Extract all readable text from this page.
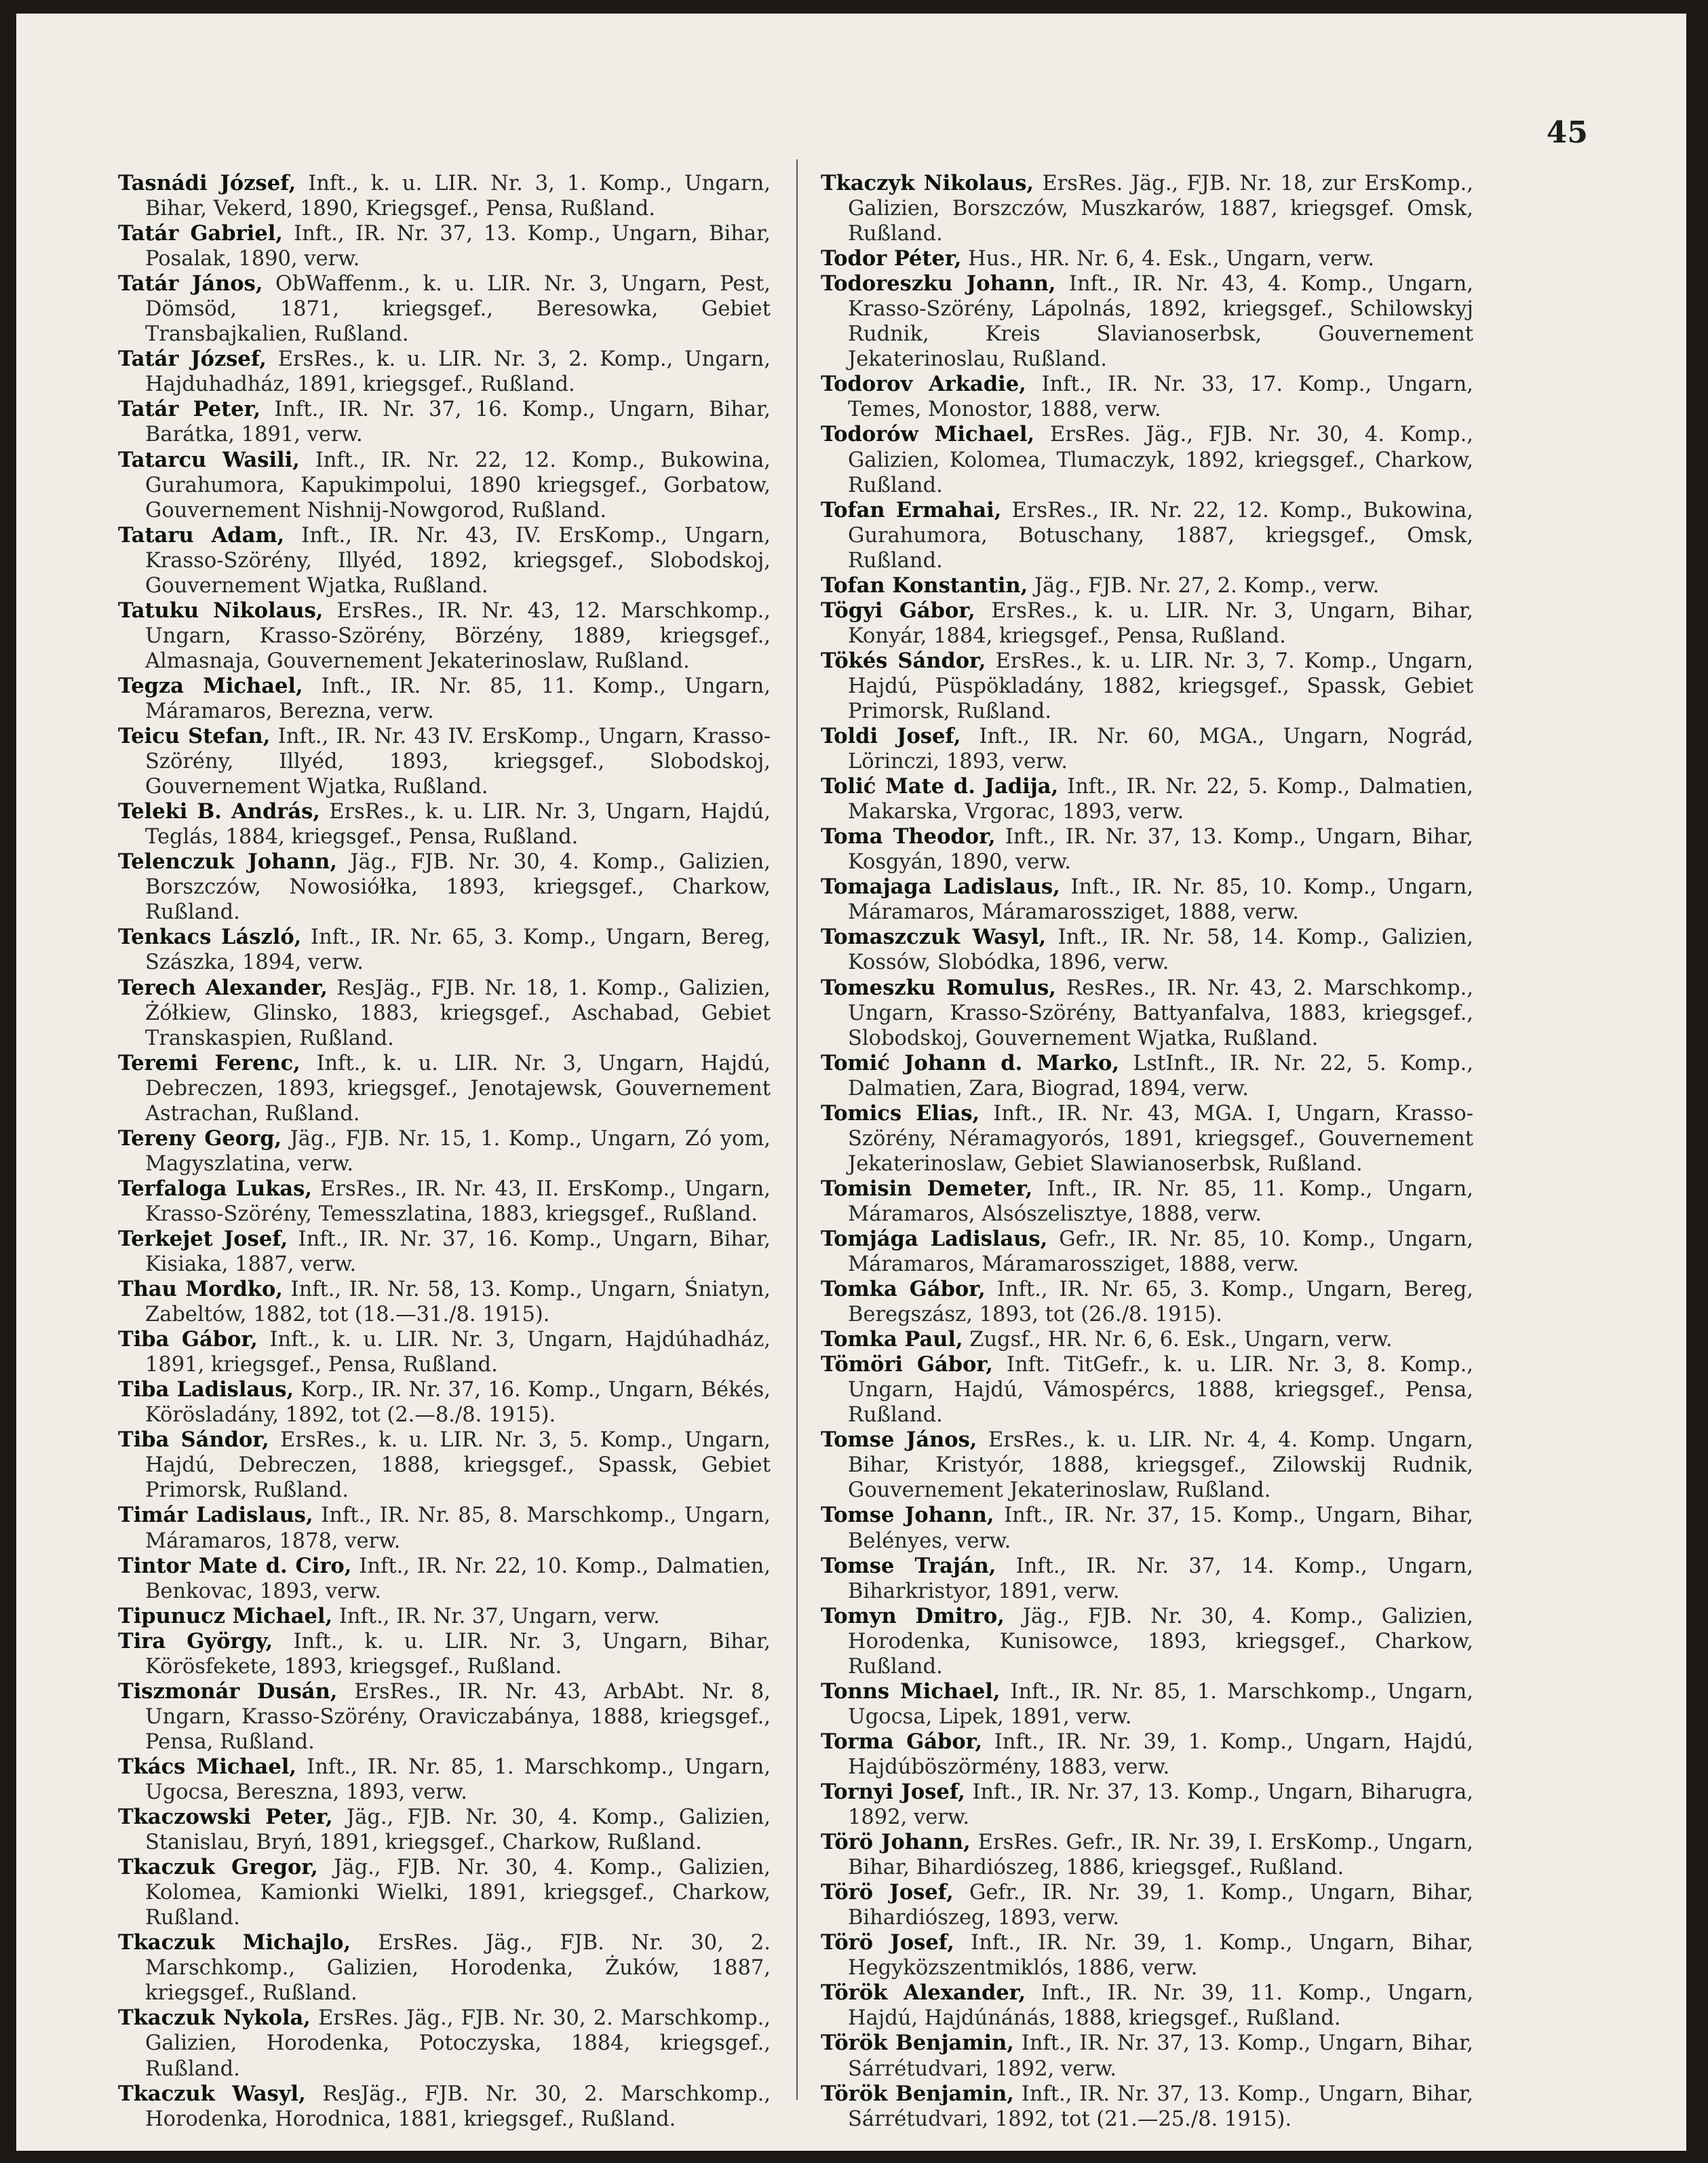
45

Tasnádi József, Inft., k. u. LIR. Nr. 3, 1. Komp., Ungarn, Bihar, Vekerd, 1890, Kriegsgef., Pensa, Rußland.

Tatár Gabriel, Inft., IR. Nr. 37, 13. Komp., Ungarn, Bihar, Posalak, 1890, verw.

Tatár János, ObWaffenm., k. u. LIR. Nr. 3, Ungarn, Pest, Dömsöd, 1871, kriegsgef., Beresowka, Gebiet Transbajkalien, Rußland.

Tatár József, ErsRes., k. u. LIR. Nr. 3, 2. Komp., Ungarn, Hajduhadház, 1891, kriegsgef., Rußland.

Tatár Peter, Inft., IR. Nr. 37, 16. Komp., Ungarn, Bihar, Barátka, 1891, verw.

Tatarcu Wasili, Inft., IR. Nr. 22, 12. Komp., Bukowina, Gurahumora, Kapukimpolui, 1890 kriegsgef., Gorbatow, Gouvernement Nishnij-Nowgorod, Rußland.

Tataru Adam, Inft., IR. Nr. 43, IV. ErsKomp., Ungarn, Krasso-Szörény, Illyéd, 1892, kriegsgef., Slobodskoj, Gouvernement Wjatka, Rußland.

Tatuku Nikolaus, ErsRes., IR. Nr. 43, 12. Marschkomp., Ungarn, Krasso-Szörény, Börzény, 1889, kriegsgef., Almasnaja, Gouvernement Jekaterinoslaw, Rußland.

Tegza Michael, Inft., IR. Nr. 85, 11. Komp., Ungarn, Máramaros, Berezna, verw.

Teicu Stefan, Inft., IR. Nr. 43 IV. ErsKomp., Ungarn, Krasso-Szörény, Illyéd, 1893, kriegsgef., Slobodskoj, Gouvernement Wjatka, Rußland.

Teleki B. András, ErsRes., k. u. LIR. Nr. 3, Ungarn, Hajdú, Teglás, 1884, kriegsgef., Pensa, Rußland.

Telenczuk Johann, Jäg., FJB. Nr. 30, 4. Komp., Galizien, Borszczów, Nowosiółka, 1893, kriegsgef., Charkow, Rußland.

Tenkacs László, Inft., IR. Nr. 65, 3. Komp., Ungarn, Bereg, Szászka, 1894, verw.

Terech Alexander, ResJäg., FJB. Nr. 18, 1. Komp., Galizien, Żółkiew, Glinsko, 1883, kriegsgef., Aschabad, Gebiet Transkaspien, Rußland.

Teremi Ferenc, Inft., k. u. LIR. Nr. 3, Ungarn, Hajdú, Debreczen, 1893, kriegsgef., Jenotajewsk, Gouvernement Astrachan, Rußland.

Tereny Georg, Jäg., FJB. Nr. 15, 1. Komp., Ungarn, Zó yom, Magyszlatina, verw.

Terfaloga Lukas, ErsRes., IR. Nr. 43, II. ErsKomp., Ungarn, Krasso-Szörény, Temesszlatina, 1883, kriegsgef., Rußland.

Terkejet Josef, Inft., IR. Nr. 37, 16. Komp., Ungarn, Bihar, Kisiaka, 1887, verw.

Thau Mordko, Inft., IR. Nr. 58, 13. Komp., Ungarn, Śniatyn, Zabeltów, 1882, tot (18.—31./8. 1915).

Tiba Gábor, Inft., k. u. LIR. Nr. 3, Ungarn, Hajdúhadház, 1891, kriegsgef., Pensa, Rußland.

Tiba Ladislaus, Korp., IR. Nr. 37, 16. Komp., Ungarn, Békés, Körösladány, 1892, tot (2.—8./8. 1915).

Tiba Sándor, ErsRes., k. u. LIR. Nr. 3, 5. Komp., Ungarn, Hajdú, Debreczen, 1888, kriegsgef., Spassk, Gebiet Primorsk, Rußland.

Timár Ladislaus, Inft., IR. Nr. 85, 8. Marschkomp., Ungarn, Máramaros, 1878, verw.

Tintor Mate d. Ciro, Inft., IR. Nr. 22, 10. Komp., Dalmatien, Benkovac, 1893, verw.

Tipunucz Michael, Inft., IR. Nr. 37, Ungarn, verw.

Tira György, Inft., k. u. LIR. Nr. 3, Ungarn, Bihar, Körösfekete, 1893, kriegsgef., Rußland.

Tiszmonár Dusán, ErsRes., IR. Nr. 43, ArbAbt. Nr. 8, Ungarn, Krasso-Szörény, Oraviczabánya, 1888, kriegsgef., Pensa, Rußland.

Tkács Michael, Inft., IR. Nr. 85, 1. Marschkomp., Ungarn, Ugocsa, Bereszna, 1893, verw.

Tkaczowski Peter, Jäg., FJB. Nr. 30, 4. Komp., Galizien, Stanislau, Bryń, 1891, kriegsgef., Charkow, Rußland.

Tkaczuk Gregor, Jäg., FJB. Nr. 30, 4. Komp., Galizien, Kolomea, Kamionki Wielki, 1891, kriegsgef., Charkow, Rußland.

Tkaczuk Michajlo, ErsRes. Jäg., FJB. Nr. 30, 2. Marschkomp., Galizien, Horodenka, Żuków, 1887, kriegsgef., Rußland.

Tkaczuk Nykola, ErsRes. Jäg., FJB. Nr. 30, 2. Marschkomp., Galizien, Horodenka, Potoczyska, 1884, kriegsgef., Rußland.

Tkaczuk Wasyl, ResJäg., FJB. Nr. 30, 2. Marschkomp., Horodenka, Horodnica, 1881, kriegsgef., Rußland.

Tkaczyk Nikolaus, ErsRes. Jäg., FJB. Nr. 18, zur ErsKomp., Galizien, Borszczów, Muszkarów, 1887, kriegsgef. Omsk, Rußland.

Todor Péter, Hus., HR. Nr. 6, 4. Esk., Ungarn, verw.

Todoreszku Johann, Inft., IR. Nr. 43, 4. Komp., Ungarn, Krasso-Szörény, Lápolnás, 1892, kriegsgef., Schilowskyj Rudnik, Kreis Slavianoserbsk, Gouvernement Jekaterinoslau, Rußland.

Todorov Arkadie, Inft., IR. Nr. 33, 17. Komp., Ungarn, Temes, Monostor, 1888, verw.

Todorów Michael, ErsRes. Jäg., FJB. Nr. 30, 4. Komp., Galizien, Kolomea, Tlumaczyk, 1892, kriegsgef., Charkow, Rußland.

Tofan Ermahai, ErsRes., IR. Nr. 22, 12. Komp., Bukowina, Gurahumora, Botuschany, 1887, kriegsgef., Omsk, Rußland.

Tofan Konstantin, Jäg., FJB. Nr. 27, 2. Komp., verw.

Tögyi Gábor, ErsRes., k. u. LIR. Nr. 3, Ungarn, Bihar, Konyár, 1884, kriegsgef., Pensa, Rußland.

Tökés Sándor, ErsRes., k. u. LIR. Nr. 3, 7. Komp., Ungarn, Hajdú, Püspökladány, 1882, kriegsgef., Spassk, Gebiet Primorsk, Rußland.

Toldi Josef, Inft., IR. Nr. 60, MGA., Ungarn, Nográd, Lörinczi, 1893, verw.

Tolić Mate d. Jadija, Inft., IR. Nr. 22, 5. Komp., Dalmatien, Makarska, Vrgorac, 1893, verw.

Toma Theodor, Inft., IR. Nr. 37, 13. Komp., Ungarn, Bihar, Kosgyán, 1890, verw.

Tomajaga Ladislaus, Inft., IR. Nr. 85, 10. Komp., Ungarn, Máramaros, Máramarossziget, 1888, verw.

Tomaszczuk Wasyl, Inft., IR. Nr. 58, 14. Komp., Galizien, Kossów, Slobódka, 1896, verw.

Tomeszku Romulus, ResRes., IR. Nr. 43, 2. Marschkomp., Ungarn, Krasso-Szörény, Battyanfalva, 1883, kriegsgef., Slobodskoj, Gouvernement Wjatka, Rußland.

Tomić Johann d. Marko, LstInft., IR. Nr. 22, 5. Komp., Dalmatien, Zara, Biograd, 1894, verw.

Tomics Elias, Inft., IR. Nr. 43, MGA. I, Ungarn, Krasso-Szörény, Néramagyorós, 1891, kriegsgef., Gouvernement Jekaterinoslaw, Gebiet Slawianoserbsk, Rußland.

Tomisin Demeter, Inft., IR. Nr. 85, 11. Komp., Ungarn, Máramaros, Alsószelisztye, 1888, verw.

Tomjága Ladislaus, Gefr., IR. Nr. 85, 10. Komp., Ungarn, Máramaros, Máramarossziget, 1888, verw.

Tomka Gábor, Inft., IR. Nr. 65, 3. Komp., Ungarn, Bereg, Beregszász, 1893, tot (26./8. 1915).

Tomka Paul, Zugsf., HR. Nr. 6, 6. Esk., Ungarn, verw.

Tömöri Gábor, Inft. TitGefr., k. u. LIR. Nr. 3, 8. Komp., Ungarn, Hajdú, Vámospércs, 1888, kriegsgef., Pensa, Rußland.

Tomse János, ErsRes., k. u. LIR. Nr. 4, 4. Komp. Ungarn, Bihar, Kristyór, 1888, kriegsgef., Zilowskij Rudnik, Gouvernement Jekaterinoslaw, Rußland.

Tomse Johann, Inft., IR. Nr. 37, 15. Komp., Ungarn, Bihar, Belényes, verw.

Tomse Traján, Inft., IR. Nr. 37, 14. Komp., Ungarn, Biharkristyor, 1891, verw.

Tomyn Dmitro, Jäg., FJB. Nr. 30, 4. Komp., Galizien, Horodenka, Kunisowce, 1893, kriegsgef., Charkow, Rußland.

Tonns Michael, Inft., IR. Nr. 85, 1. Marschkomp., Ungarn, Ugocsa, Lipek, 1891, verw.

Torma Gábor, Inft., IR. Nr. 39, 1. Komp., Ungarn, Hajdú, Hajdúböszörmény, 1883, verw.

Tornyi Josef, Inft., IR. Nr. 37, 13. Komp., Ungarn, Biharugra, 1892, verw.

Törö Johann, ErsRes. Gefr., IR. Nr. 39, I. ErsKomp., Ungarn, Bihar, Bihardiószeg, 1886, kriegsgef., Rußland.

Törö Josef, Gefr., IR. Nr. 39, 1. Komp., Ungarn, Bihar, Bihardiószeg, 1893, verw.

Törö Josef, Inft., IR. Nr. 39, 1. Komp., Ungarn, Bihar, Hegyközszentmiklós, 1886, verw.

Török Alexander, Inft., IR. Nr. 39, 11. Komp., Ungarn, Hajdú, Hajdúnánás, 1888, kriegsgef., Rußland.

Török Benjamin, Inft., IR. Nr. 37, 13. Komp., Ungarn, Bihar, Sárrétudvari, 1892, verw.

Török Benjamin, Inft., IR. Nr. 37, 13. Komp., Ungarn, Bihar, Sárrétudvari, 1892, tot (21.—25./8. 1915).
